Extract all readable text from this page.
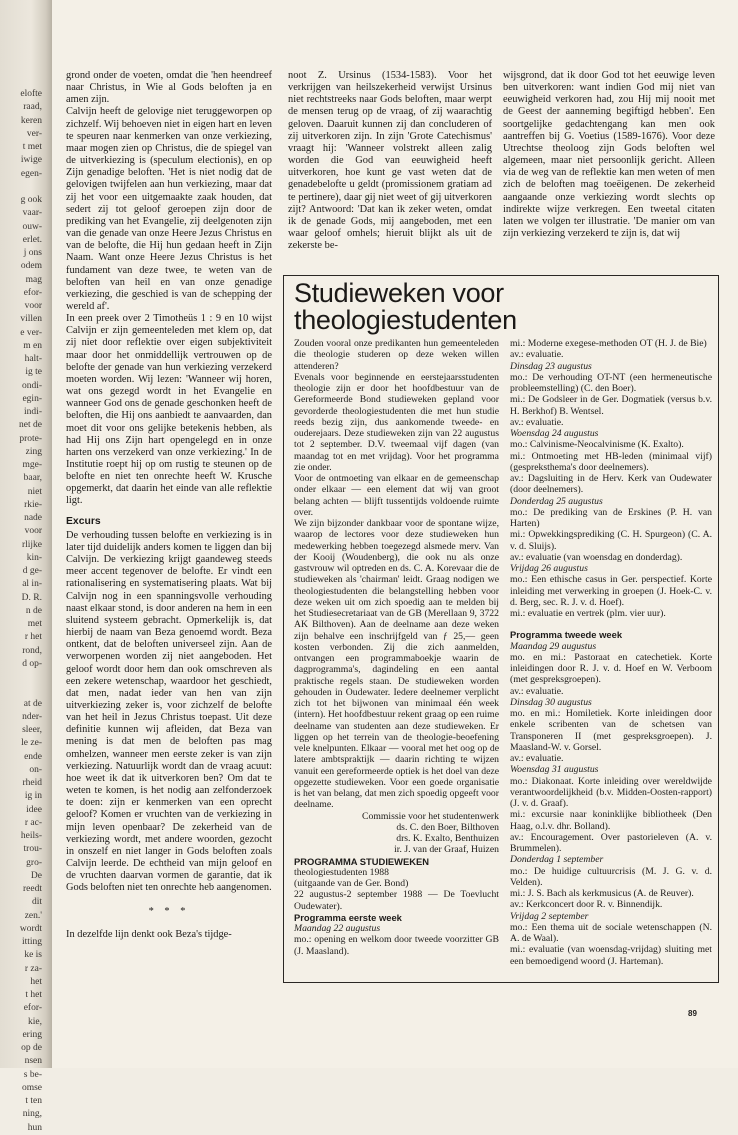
elofte
raad,
keren
ver-
t met
iwige
egen-
g ook
vaar-
ouw-
erlet.
j ons
odem
mag
efor-
voor
villen
e ver-
m en
halt-
ig te
ondi-
egin-
indi-
net de
prote-
zing
mge-
baar,
niet
rkie-
nade
voor
rlijke
kin-
d ge-
al in-
D. R.
n de
met
r het
rond,
d op-
at de
nder-
sleer,
le ze-
ende
on-
rheid
ig in
idee
r ac-
heils-
trou-
gro-
De
reedt
dit
zen.'
wordt
itting
ke is
r za-
het
t het
efor-
kie,
ering
op de
nsen
s be-
omse
t ten
ning,
hun

grond onder de voeten, omdat die 'hen heendreef naar Christus, in Wie al Gods beloften ja en amen zijn.

Calvijn heeft de gelovige niet teruggeworpen op zichzelf. Wij behoeven niet in eigen hart en leven te speuren naar kenmerken van onze verkiezing, maar mogen zien op Christus, die de spiegel van de uitverkiezing is (speculum electionis), en op Zijn genadige beloften. 'Het is niet nodig dat de gelovigen twijfelen aan hun verkiezing, maar dat zij het voor een uitgemaakte zaak houden, dat sedert zij tot geloof geroepen zijn door de prediking van het Evangelie, zij deelgenoten zijn van die genade van onze Heere Jezus Christus en van de belofte, die Hij hun gedaan heeft in Zijn Naam. Want onze Heere Jezus Christus is het fundament van deze twee, te weten van de beloften van heil en van onze genadige verkiezing, die geschied is van de schepping der wereld af'.

In een preek over 2 Timotheüs 1 : 9 en 10 wijst Calvijn er zijn gemeenteleden met klem op, dat zij niet door reflektie over eigen subjektiviteit maar door het onmiddellijk vertrouwen op de belofte der genade van hun verkiezing verzekerd moeten worden. Wij lezen: 'Wanneer wij horen, wat ons gezegd wordt in het Evangelie en wanneer God ons de genade geschonken heeft de beloften, die Hij ons aanbiedt te aanvaarden, dan moet dit voor ons gelijke betekenis hebben, als had Hij ons Zijn hart opengelegd en in onze harten ons verzekerd van onze verkiezing.' In de Institutie roept hij op om rustig te steunen op de belofte en niet ten onrechte heeft W. Krusche opgemerkt, dat daarin het einde van alle reflektie ligt.

Excurs

De verhouding tussen belofte en verkiezing is in later tijd duidelijk anders komen te liggen dan bij Calvijn. De verkiezing krijgt gaandeweg steeds meer accent tegenover de belofte. Er vindt een rationalisering en systematisering plaats. Wat bij Calvijn nog in een spanningsvolle verhouding naast elkaar stond, is door anderen na hem in een sluitend systeem gebracht. Opmerkelijk is, dat hierbij de naam van Beza genoemd wordt. Beza ontkent, dat de beloften universeel zijn. Aan de verworpenen worden zij niet aangeboden. Het geloof wordt door hem dan ook omschreven als een zekere wetenschap, waardoor het geschiedt, dat men, nadat ieder van hen van zijn uitverkiezing zeker is, voor zichzelf de belofte van het heil in Jezus Christus toepast. Uit deze definitie kunnen wij afleiden, dat Beza van mening is dat men de beloften pas mag omhelzen, wanneer men eerste zeker is van zijn verkiezing. Natuurlijk wordt dan de vraag acuut: hoe weet ik dat ik uitverkoren ben? Om dat te weten te komen, is het nodig aan zelfonderzoek te doen: zijn er kenmerken van een oprecht geloof? Komen er vruchten van de verkiezing in mijn leven openbaar? De zekerheid van de verkiezing wordt, met andere woorden, gezocht in onszelf en niet langer in Gods beloften zoals Calvijn leerde. De echtheid van mijn geloof en de vruchten daarvan vormen de garantie, dat ik Gods beloften niet ten onrechte heb aangenomen.

* * *

In dezelfde lijn denkt ook Beza's tijdge-

noot Z. Ursinus (1534-1583). Voor het verkrijgen van heilszekerheid verwijst Ursinus niet rechtstreeks naar Gods beloften, maar werpt de mensen terug op de vraag, of zij waarachtig geloven. Daaruit kunnen zij dan concluderen of zij uitverkoren zijn. In zijn 'Grote Catechismus' vraagt hij: 'Wanneer volstrekt alleen zalig worden die God van eeuwigheid heeft uitverkoren, hoe kunt ge vast weten dat de genadebelofte u geldt (promissionem gratiam ad te pertinere), daar gij niet weet of gij uitverkoren zijt? Antwoord: 'Dat kan ik zeker weten, omdat ik de genade Gods, mij aangeboden, met een waar geloof omhels; hieruit blijkt als uit de zekerste be-

wijsgrond, dat ik door God tot het eeuwige leven ben uitverkoren: want indien God mij niet van eeuwigheid verkoren had, zou Hij mij nooit met de Geest der aanneming begiftigd hebben'. Een soortgelijke gedachtengang kan men ook aantreffen bij G. Voetius (1589-1676). Voor deze Utrechtse theoloog zijn Gods beloften wel algemeen, maar niet persoonlijk gericht. Alleen via de weg van de reflektie kan men weten of men zich de beloften mag toeëigenen. De zekerheid aangaande onze verkiezing wordt slechts op indirekte wijze verkregen. Een tweetal citaten laten we volgen ter illustratie. 'De manier om van zijn verkiezing verzekerd te zijn is, dat wij

Studieweken voor
theologiestudenten

Zouden vooral onze predikanten hun gemeenteleden die theologie studeren op deze weken willen attenderen?

Evenals voor beginnende en eerstejaarsstudenten theologie zijn er door het hoofdbestuur van de Gereformeerde Bond studieweken gepland voor gevorderde theologiestudenten die met hun studie reeds bezig zijn, dus aankomende tweede- en ouderejaars. Deze studieweken zijn van 22 augustus tot 2 september. D.V. tweemaal vijf dagen (van maandag tot en met vrijdag). Voor het programma zie onder.

Voor de ontmoeting van elkaar en de gemeenschap onder elkaar — een element dat wij van groot belang achten — blijft tussentijds voldoende ruimte over.

We zijn bijzonder dankbaar voor de spontane wijze, waarop de lectores voor deze studieweken hun medewerking hebben toegezegd alsmede merv. Van der Kooij (Woudenberg), die ook nu als onze gastvrouw wil optreden en ds. C. A. Korevaar die de studieweken als 'chairman' leidt. Graag nodigen we theologiestudenten die belangstelling hebben voor deze weken uit om zich spoedig aan te melden bij het Studiesecretariaat van de GB (Merellaan 9, 3722 AK Bilthoven). Aan de deelname aan deze weken zijn behalve een inschrijfgeld van ƒ 25,— geen kosten verbonden. Zij die zich aanmelden, ontvangen een programmaboekje waarin de dagprogramma's, dagindeling en een aantal praktische regels staan. De studieweken worden gehouden in Oudewater. Iedere deelnemer verplicht zich tot het bijwonen van minimaal één week (intern). Het hoofdbestuur rekent graag op een ruime deelname van studenten aan deze studieweken. Er liggen op het terrein van de theologie-beoefening vele knelpunten. Elkaar — vooral met het oog op de latere ambtspraktijk — daarin richting te wijzen vanuit een gereformeerde optiek is het doel van deze opgezette studieweken. Voor een goede organisatie is het van belang, dat men zich spoedig opgeeft voor deelname.

Commissie voor het studentenwerk

ds. C. den Boer, Bilthoven

drs. K. Exalto, Benthuizen

ir. J. van der Graaf, Huizen

PROGRAMMA STUDIEWEKEN

theologiestudenten 1988

(uitgaande van de Ger. Bond)

22 augustus-2 september 1988 — De Toevlucht Oudewater).

Programma eerste week

Maandag 22 augustus

mo.: opening en welkom door tweede voorzitter GB (J. Maasland).

mi.: Moderne exegese-methoden OT (H. J. de Bie)

av.: evaluatie.

Dinsdag 23 augustus

mo.: De verhouding OT-NT (een hermeneutische probleemstelling) (C. den Boer).

mi.: De Godsleer in de Ger. Dogmatiek (versus b.v. H. Berkhof) B. Wentsel.

av.: evaluatie.

Woensdag 24 augustus

mo.: Calvinisme-Neocalvinisme (K. Exalto).

mi.: Ontmoeting met HB-leden (minimaal vijf) (gespreksthema's door deelnemers).

av.: Dagsluiting in de Herv. Kerk van Oudewater (door deelnemers).

Donderdag 25 augustus

mo.: De prediking van de Erskines (P. H. van Harten)

mi.: Opwekkingsprediking (C. H. Spurgeon) (C. A. v. d. Sluijs).

av.: evaluatie (van woensdag en donderdag).

Vrijdag 26 augustus

mo.: Een ethische casus in Ger. perspectief. Korte inleiding met verwerking in groepen (J. Hoek-C. v. d. Berg, sec. R. J. v. d. Hoef).

mi.: evaluatie en vertrek (plm. vier uur).

Programma tweede week

Maandag 29 augustus

mo. en mi.: Pastoraat en catechetiek. Korte inleidingen door R. J. v. d. Hoef en W. Verboom (met gespreksgroepen).

av.: evaluatie.

Dinsdag 30 augustus

mo. en mi.: Homiletiek. Korte inleidingen door enkele scribenten van de schetsen van Transponeren II (met gespreksgroepen). J. Maasland-W. v. Gorsel.

av.: evaluatie.

Woensdag 31 augustus

mo.: Diakonaat. Korte inleiding over wereldwijde verantwoordelijkheid (b.v. Midden-Oosten-rapport) (J. v. d. Graaf).

mi.: excursie naar koninklijke bibliotheek (Den Haag, o.l.v. dhr. Bolland).

av.: Encouragement. Over pastorieleven (A. v. Brummelen).

Donderdag 1 september

mo.: De huidige cultuurcrisis (M. J. G. v. d. Velden).

mi.: J. S. Bach als kerkmusicus (A. de Reuver).

av.: Kerkconcert door R. v. Binnendijk.

Vrijdag 2 september

mo.: Een thema uit de sociale wetenschappen (N. A. de Waal).

mi.: evaluatie (van woensdag-vrijdag) sluiting met een bemoedigend woord (J. Harteman).

89
